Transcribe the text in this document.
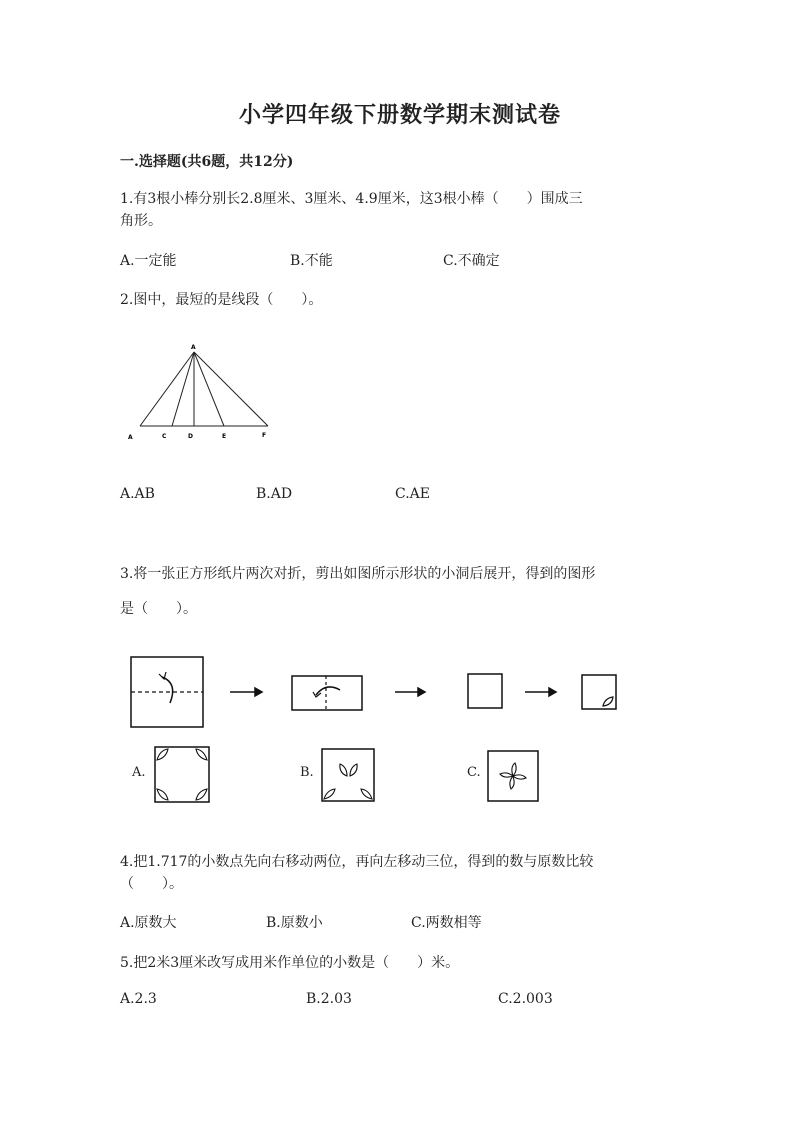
小学四年级下册数学期末测试卷
一.选择题(共6题，共12分)
1.有3根小棒分别长2.8厘米、3厘米、4.9厘米，这3根小棒（　　）围成三
角形。
A.一定能	B.不能	C.不确定
2.图中，最短的是线段（　　）。
A
A	C	D	E	F
A.AB	B.AD	C.AE
3.将一张正方形纸片两次对折，剪出如图所示形状的小洞后展开，得到的图形
是（　　）。
A.	B.	C.
4.把1.717的小数点先向右移动两位，再向左移动三位，得到的数与原数比较
（　　）。
A.原数大	B.原数小	C.两数相等
5.把2米3厘米改写成用米作单位的小数是（　　）米。
A.2.3	B.2.03	C.2.003
